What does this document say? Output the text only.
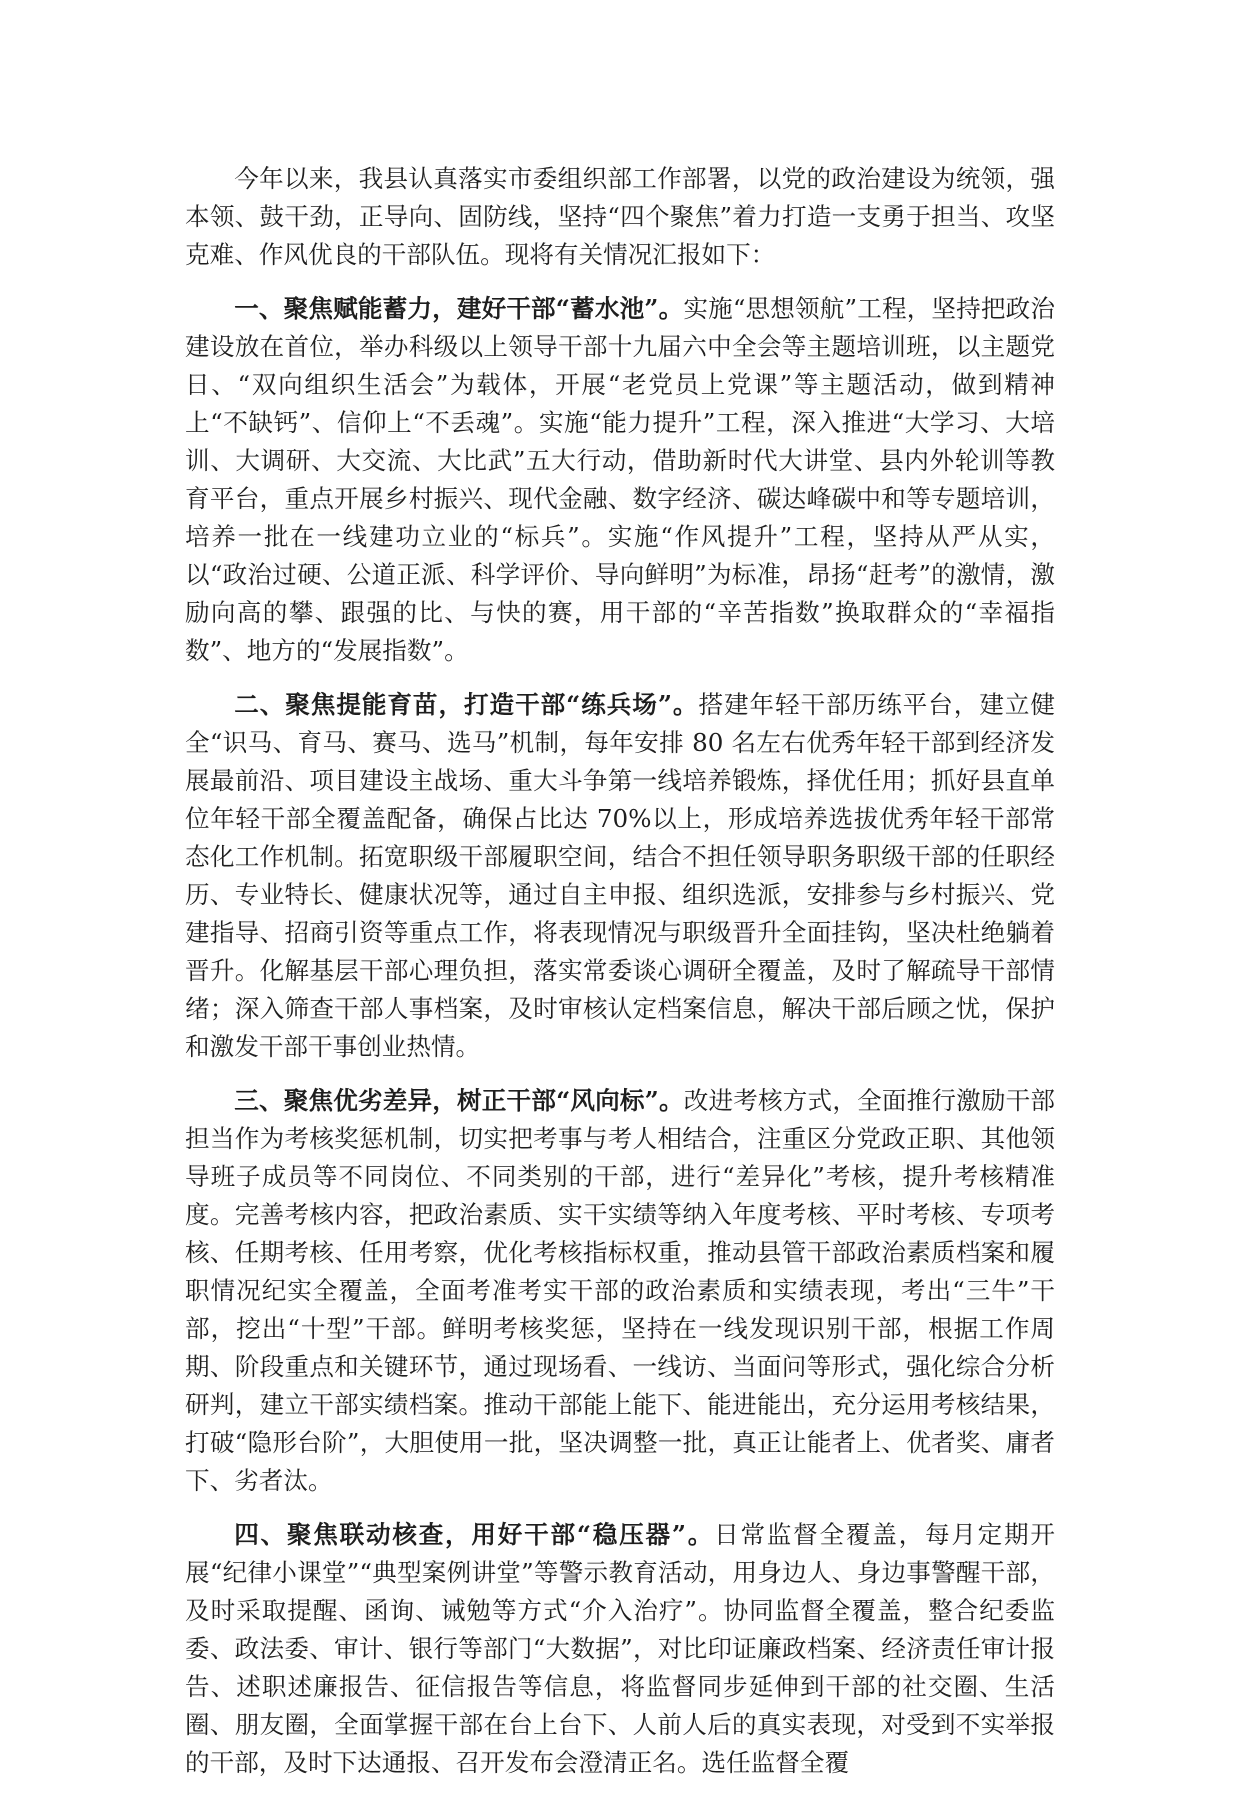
今年以来，我县认真落实市委组织部工作部署，以党的政治建设为统领，强本领、鼓干劲，正导向、固防线，坚持“四个聚焦”着力打造一支勇于担当、攻坚克难、作风优良的干部队伍。现将有关情况汇报如下：

一、聚焦赋能蓄力，建好干部“蓄水池”。实施“思想领航”工程，坚持把政治建设放在首位，举办科级以上领导干部十九届六中全会等主题培训班，以主题党日、“双向组织生活会”为载体，开展“老党员上党课”等主题活动，做到精神上“不缺钙”、信仰上“不丢魂”。实施“能力提升”工程，深入推进“大学习、大培训、大调研、大交流、大比武”五大行动，借助新时代大讲堂、县内外轮训等教育平台，重点开展乡村振兴、现代金融、数字经济、碳达峰碳中和等专题培训，培养一批在一线建功立业的“标兵”。实施“作风提升”工程，坚持从严从实，以“政治过硬、公道正派、科学评价、导向鲜明”为标准，昂扬“赶考”的激情，激励向高的攀、跟强的比、与快的赛，用干部的“辛苦指数”换取群众的“幸福指数”、地方的“发展指数”。

二、聚焦提能育苗，打造干部“练兵场”。搭建年轻干部历练平台，建立健全“识马、育马、赛马、选马”机制，每年安排 80 名左右优秀年轻干部到经济发展最前沿、项目建设主战场、重大斗争第一线培养锻炼，择优任用；抓好县直单位年轻干部全覆盖配备，确保占比达 70%以上，形成培养选拔优秀年轻干部常态化工作机制。拓宽职级干部履职空间，结合不担任领导职务职级干部的任职经历、专业特长、健康状况等，通过自主申报、组织选派，安排参与乡村振兴、党建指导、招商引资等重点工作，将表现情况与职级晋升全面挂钩，坚决杜绝躺着晋升。化解基层干部心理负担，落实常委谈心调研全覆盖，及时了解疏导干部情绪；深入筛查干部人事档案，及时审核认定档案信息，解决干部后顾之忧，保护和激发干部干事创业热情。

三、聚焦优劣差异，树正干部“风向标”。改进考核方式，全面推行激励干部担当作为考核奖惩机制，切实把考事与考人相结合，注重区分党政正职、其他领导班子成员等不同岗位、不同类别的干部，进行“差异化”考核，提升考核精准度。完善考核内容，把政治素质、实干实绩等纳入年度考核、平时考核、专项考核、任期考核、任用考察，优化考核指标权重，推动县管干部政治素质档案和履职情况纪实全覆盖，全面考准考实干部的政治素质和实绩表现，考出“三牛”干部，挖出“十型”干部。鲜明考核奖惩，坚持在一线发现识别干部，根据工作周期、阶段重点和关键环节，通过现场看、一线访、当面问等形式，强化综合分析研判，建立干部实绩档案。推动干部能上能下、能进能出，充分运用考核结果，打破“隐形台阶”，大胆使用一批，坚决调整一批，真正让能者上、优者奖、庸者下、劣者汰。

四、聚焦联动核查，用好干部“稳压器”。日常监督全覆盖，每月定期开展“纪律小课堂”“典型案例讲堂”等警示教育活动，用身边人、身边事警醒干部，及时采取提醒、函询、诫勉等方式“介入治疗”。协同监督全覆盖，整合纪委监委、政法委、审计、银行等部门“大数据”，对比印证廉政档案、经济责任审计报告、述职述廉报告、征信报告等信息，将监督同步延伸到干部的社交圈、生活圈、朋友圈，全面掌握干部在台上台下、人前人后的真实表现，对受到不实举报的干部，及时下达通报、召开发布会澄清正名。选任监督全覆
